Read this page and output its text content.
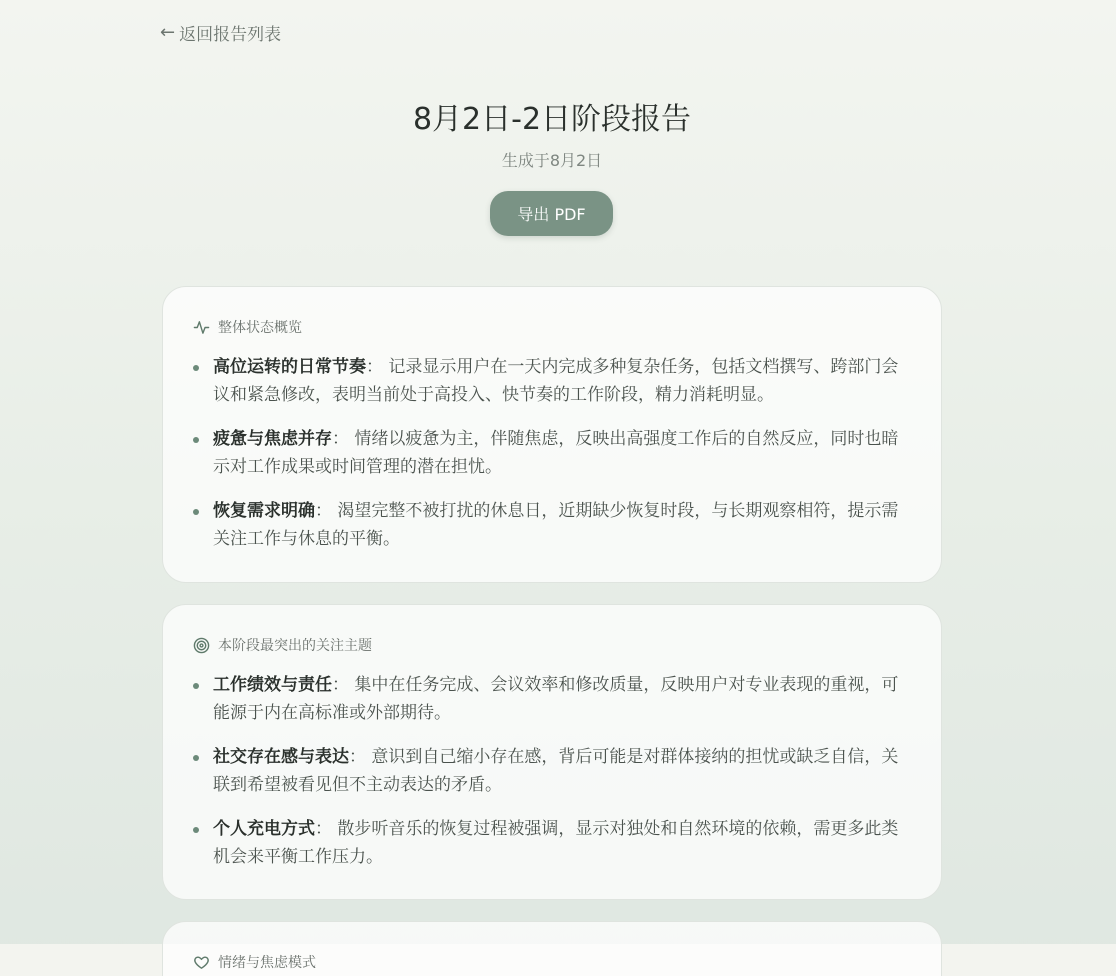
← 返回报告列表
8月2日-2日阶段报告
生成于8月2日
导出 PDF
整体状态概览
高位运转的日常节奏： 记录显示用户在一天内完成多种复杂任务，包括文档撰写、跨部门会议和紧急修改，表明当前处于高投入、快节奏的工作阶段，精力消耗明显。
疲惫与焦虑并存： 情绪以疲惫为主，伴随焦虑，反映出高强度工作后的自然反应，同时也暗示对工作成果或时间管理的潜在担忧。
恢复需求明确： 渴望完整不被打扰的休息日，近期缺少恢复时段，与长期观察相符，提示需关注工作与休息的平衡。
本阶段最突出的关注主题
工作绩效与责任： 集中在任务完成、会议效率和修改质量，反映用户对专业表现的重视，可能源于内在高标准或外部期待。
社交存在感与表达： 意识到自己缩小存在感，背后可能是对群体接纳的担忧或缺乏自信，关联到希望被看见但不主动表达的矛盾。
个人充电方式： 散步听音乐的恢复过程被强调，显示对独处和自然环境的依赖，需更多此类机会来平衡工作压力。
情绪与焦虑模式
